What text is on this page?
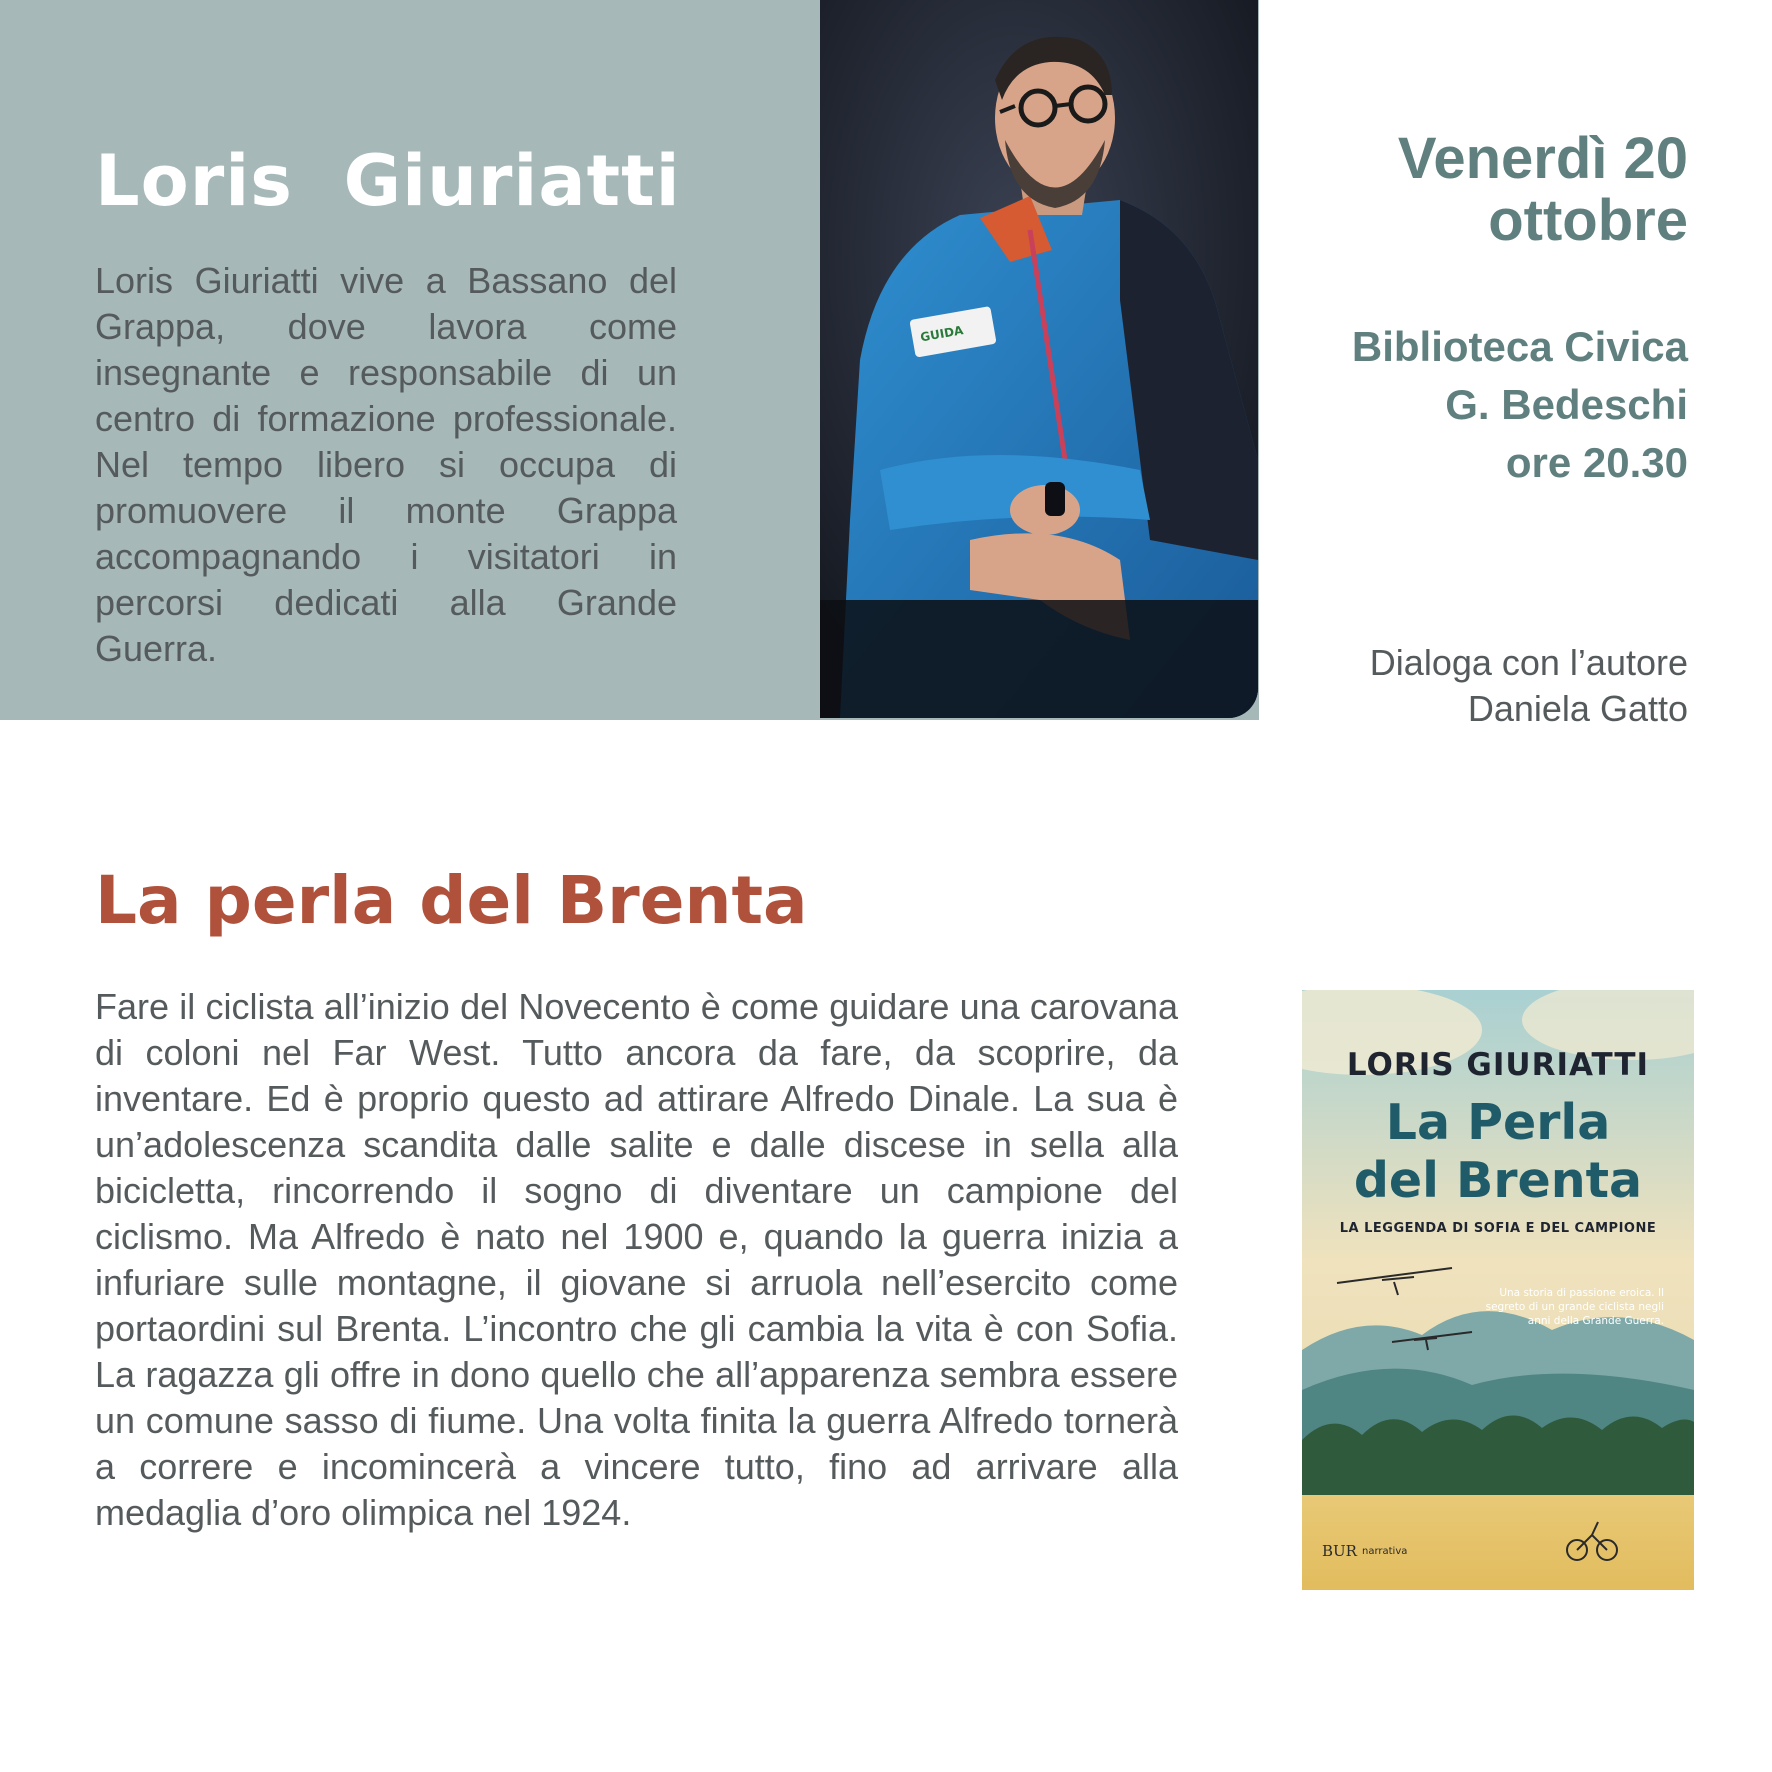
Loris  Giuriatti

Loris Giuriatti vive a Bassano del Grappa, dove lavora come insegnante e responsabile di un centro di formazione professionale. Nel tempo libero si occupa di promuovere il monte Grappa accompagnando i visitatori in percorsi dedicati alla Grande Guerra.

GUIDA

Venerdì 20
ottobre

Biblioteca Civica
G. Bedeschi
ore 20.30

Dialoga con l’autore
Daniela Gatto

La perla del Brenta

Fare il ciclista all’inizio del Novecento è come guidare una carovana di coloni nel Far West. Tutto ancora da fare, da scoprire, da inventare. Ed è proprio questo ad attirare Alfredo Dinale. La sua è un’adolescenza scandita dalle salite e dalle discese in sella alla bicicletta, rincorrendo il sogno di diventare un campione del ciclismo. Ma Alfredo è nato nel 1900 e, quando la guerra inizia a infuriare sulle montagne, il giovane si arruola nell’esercito come portaordini sul Brenta. L’incontro che gli cambia la vita è con Sofia. La ragazza gli offre in dono quello che all’apparenza sembra essere un comune sasso di fiume. Una volta finita la guerra Alfredo tornerà a correre e incomincerà a vincere tutto, fino ad arrivare alla medaglia d’oro olimpica nel 1924.

LORIS GIURIATTI
La Perla
del Brenta
LA LEGGENDA DI SOFIA E DEL CAMPIONE
Una storia di passione eroica. Il segreto di un grande ciclista negli anni della Grande Guerra.
BUR narrativa
